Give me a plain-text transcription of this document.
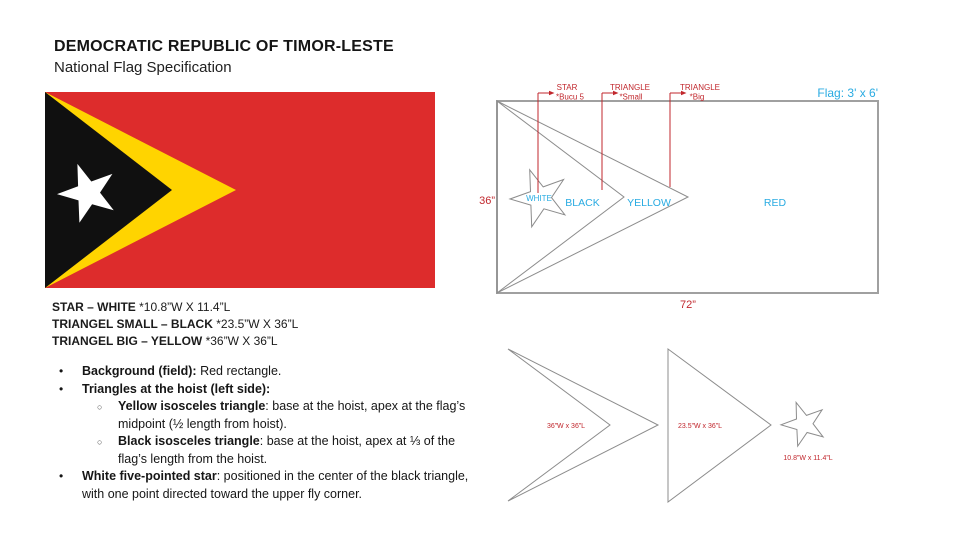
DEMOCRATIC REPUBLIC OF TIMOR-LESTE
National Flag Specification
STAR – WHITE *10.8”W X 11.4”L
TRIANGEL SMALL – BLACK *23.5”W X 36”L
TRIANGEL BIG – YELLOW *36”W X 36”L
• Background (field): Red rectangle.
• Triangles at the hoist (left side):
○ Yellow isosceles triangle: base at the hoist, apex at the flag’s midpoint (½ length from hoist).
○ Black isosceles triangle: base at the hoist, apex at ⅓ of the flag’s length from the hoist.
• White five-pointed star: positioned in the center of the black triangle, with one point directed toward the upper fly corner.
STAR
*Bucu 5
TRIANGLE
*Small
TRIANGLE
*Big	Flag: 3' x 6'
36”
72”
WHITE BLACK	YELLOW	RED
36”W x 36”L	23.5”W x 36”L
10.8”W x 11.4”L
